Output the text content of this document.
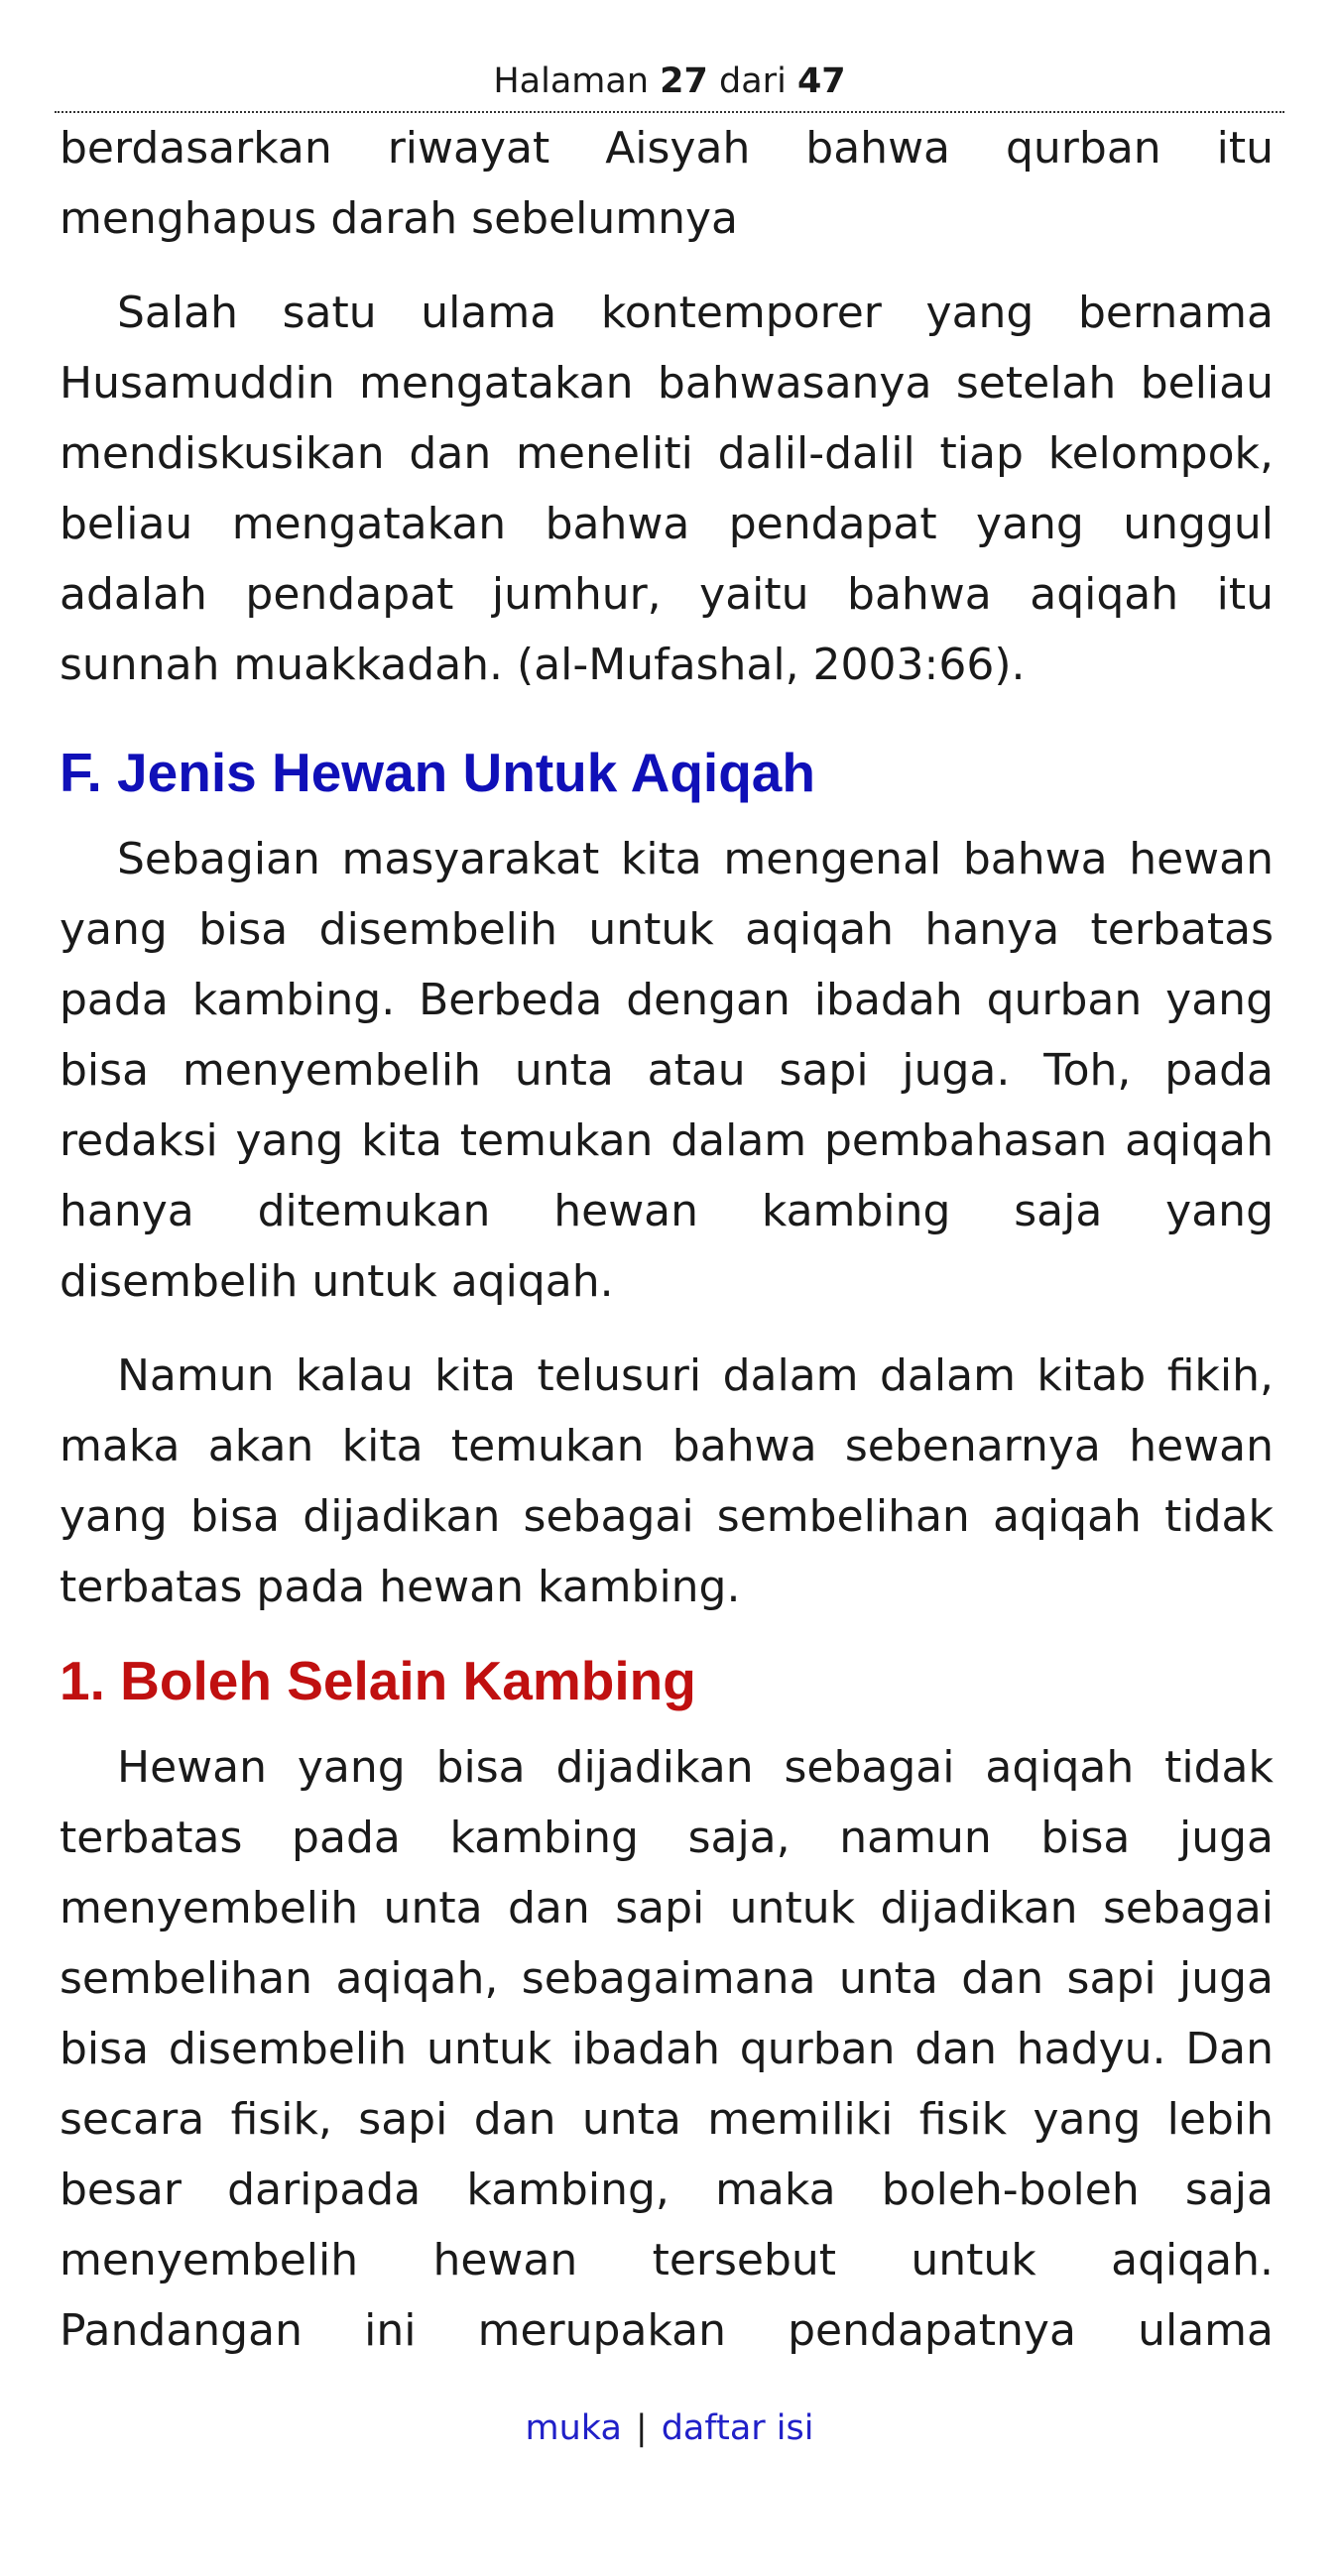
Halaman 27 dari 47

berdasarkan riwayat Aisyah bahwa qurban itu menghapus darah sebelumnya

Salah satu ulama kontemporer yang bernama Husamuddin mengatakan bahwasanya setelah beliau mendiskusikan dan meneliti dalil-dalil tiap kelompok, beliau mengatakan bahwa pendapat yang unggul adalah pendapat jumhur, yaitu bahwa aqiqah itu sunnah muakkadah. (al-Mufashal, 2003:66).

F. Jenis Hewan Untuk Aqiqah

Sebagian masyarakat kita mengenal bahwa hewan yang bisa disembelih untuk aqiqah hanya terbatas pada kambing. Berbeda dengan ibadah qurban yang bisa menyembelih unta atau sapi juga. Toh, pada redaksi yang kita temukan dalam pembahasan aqiqah hanya ditemukan hewan kambing saja yang disembelih untuk aqiqah.

Namun kalau kita telusuri dalam dalam kitab fikih, maka akan kita temukan bahwa sebenarnya hewan yang bisa dijadikan sebagai sembelihan aqiqah tidak terbatas pada hewan kambing.

1. Boleh Selain Kambing

Hewan yang bisa dijadikan sebagai aqiqah tidak terbatas pada kambing saja, namun bisa juga menyembelih unta dan sapi untuk dijadikan sebagai sembelihan aqiqah, sebagaimana unta dan sapi juga bisa disembelih untuk ibadah qurban dan hadyu. Dan secara fisik, sapi dan unta memiliki fisik yang lebih besar daripada kambing, maka boleh-boleh saja menyembelih hewan tersebut untuk aqiqah. Pandangan ini merupakan pendapatnya ulama

muka | daftar isi
